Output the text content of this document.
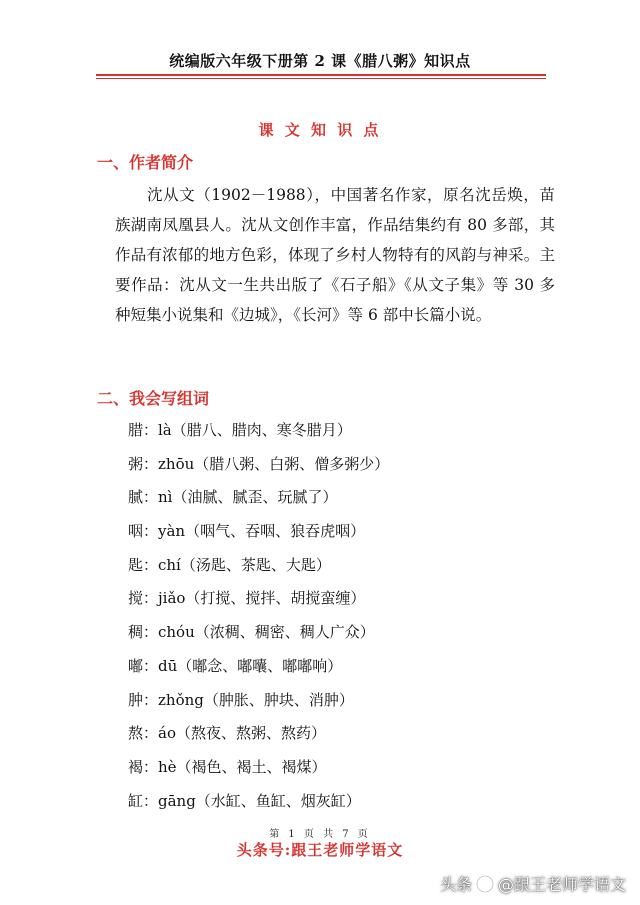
统编版六年级下册第 2 课《腊八粥》知识点
课 文 知 识 点
一、作者简介
沈从文（1902－1988），中国著名作家，原名沈岳焕，苗族湖南凤凰县人。沈从文创作丰富，作品结集约有 80 多部，其作品有浓郁的地方色彩，体现了乡村人物特有的风韵与神采。主要作品：沈从文一生共出版了《石子船》《从文子集》等 30 多种短集小说集和《边城》，《长河》等 6 部中长篇小说。
二、我会写组词
腊：là（腊八、腊肉、寒冬腊月）
粥：zhōu（腊八粥、白粥、僧多粥少）
腻：nì（油腻、腻歪、玩腻了）
咽：yàn（咽气、吞咽、狼吞虎咽）
匙：chí（汤匙、茶匙、大匙）
搅：jiǎo（打搅、搅拌、胡搅蛮缠）
稠：chóu（浓稠、稠密、稠人广众）
嘟：dū（嘟念、嘟囔、嘟嘟响）
肿：zhǒng（肿胀、肿块、消肿）
熬：áo（熬夜、熬粥、熬药）
褐：hè（褐色、褐土、褐煤）
缸：gāng（水缸、鱼缸、烟灰缸）
第 1 页 共 7 页
头条号:跟王老师学语文
头条 @跟王老师学语文
